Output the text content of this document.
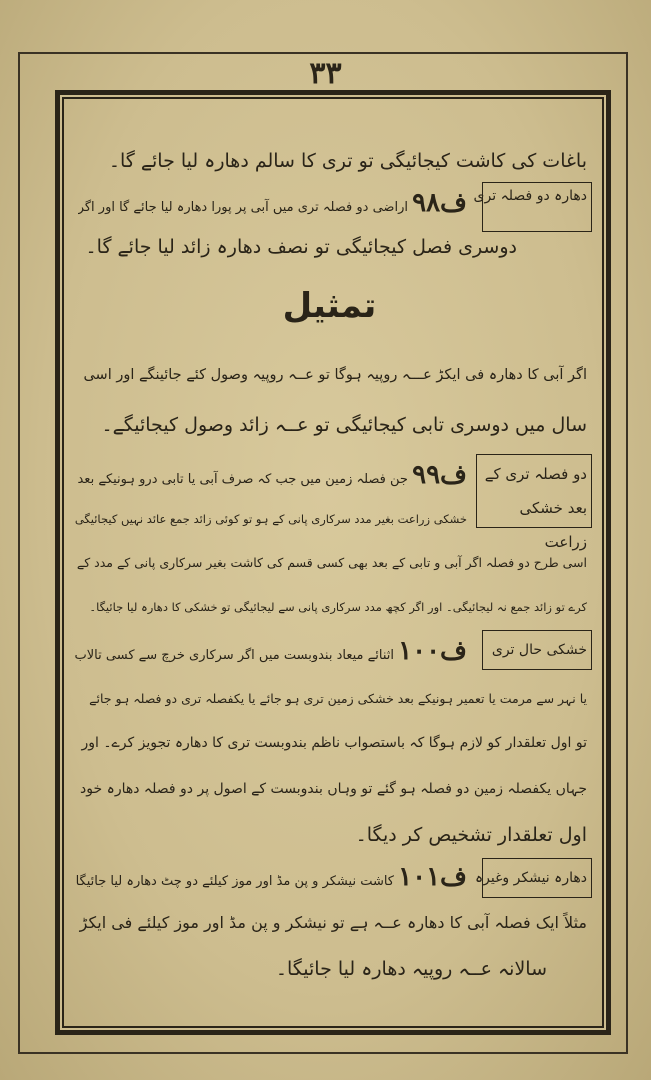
۳۳
باغات کی کاشت کیجائیگی تو تری کا سالم دھارہ لیا جائے گا۔
دھارہ دو فصلہ تری
ف۹۸ اراضی دو فصلہ تری میں آبی پر پورا دھارہ لیا جائے گا اور اگر
دوسری فصل کیجائیگی تو نصف دھارہ زائد لیا جائے گا۔
تمثیل
اگر آبی کا دھارہ فی ایکڑ عـــہ روپیہ ہوگا تو عــہ روپیہ وصول کئے جائینگے اور اسی
سال میں دوسری تابی کیجائیگی تو عــہ زائد وصول کیجائیگے۔
دو فصلہ تری کے بعد خشکی زراعت
ف۹۹ جن فصلہ زمین میں جب کہ صرف آبی یا تابی درو ہونیکے بعد
خشکی زراعت بغیر مدد سرکاری پانی کے ہو تو کوئی زائد جمع عائد نہیں کیجائیگی
اسی طرح دو فصلہ اگر آبی و تابی کے بعد بھی کسی قسم کی کاشت بغیر سرکاری پانی کے مدد کے
کرے تو زائد جمع نہ لیجائیگی۔ اور اگر کچھ مدد سرکاری پانی سے لیجائیگی تو خشکی کا دھارہ لیا جائیگا۔
خشکی حال تری
ف۱۰۰ اثنائے میعاد بندوبست میں اگر سرکاری خرچ سے کسی تالاب
یا نہر سے مرمت یا تعمیر ہونیکے بعد خشکی زمین تری ہو جائے یا یکفصلہ تری دو فصلہ ہو جائے
تو اول تعلقدار کو لازم ہوگا کہ باستصواب ناظم بندوبست تری کا دھارہ تجویز کرے۔ اور
جہاں یکفصلہ زمین دو فصلہ ہو گئے تو وہاں بندوبست کے اصول پر دو فصلہ دھارہ خود
اول تعلقدار تشخیص کر دیگا۔
دھارہ نیشکر وغیرہ
ف۱۰۱ کاشت نیشکر و پن مڈ اور موز کیلئے دو چٹ دھارہ لیا جائیگا
مثلاً ایک فصلہ آبی کا دھارہ عــہ ہے تو نیشکر و پن مڈ اور موز کیلئے فی ایکڑ
سالانہ عــہ روپیہ دھارہ لیا جائیگا۔
